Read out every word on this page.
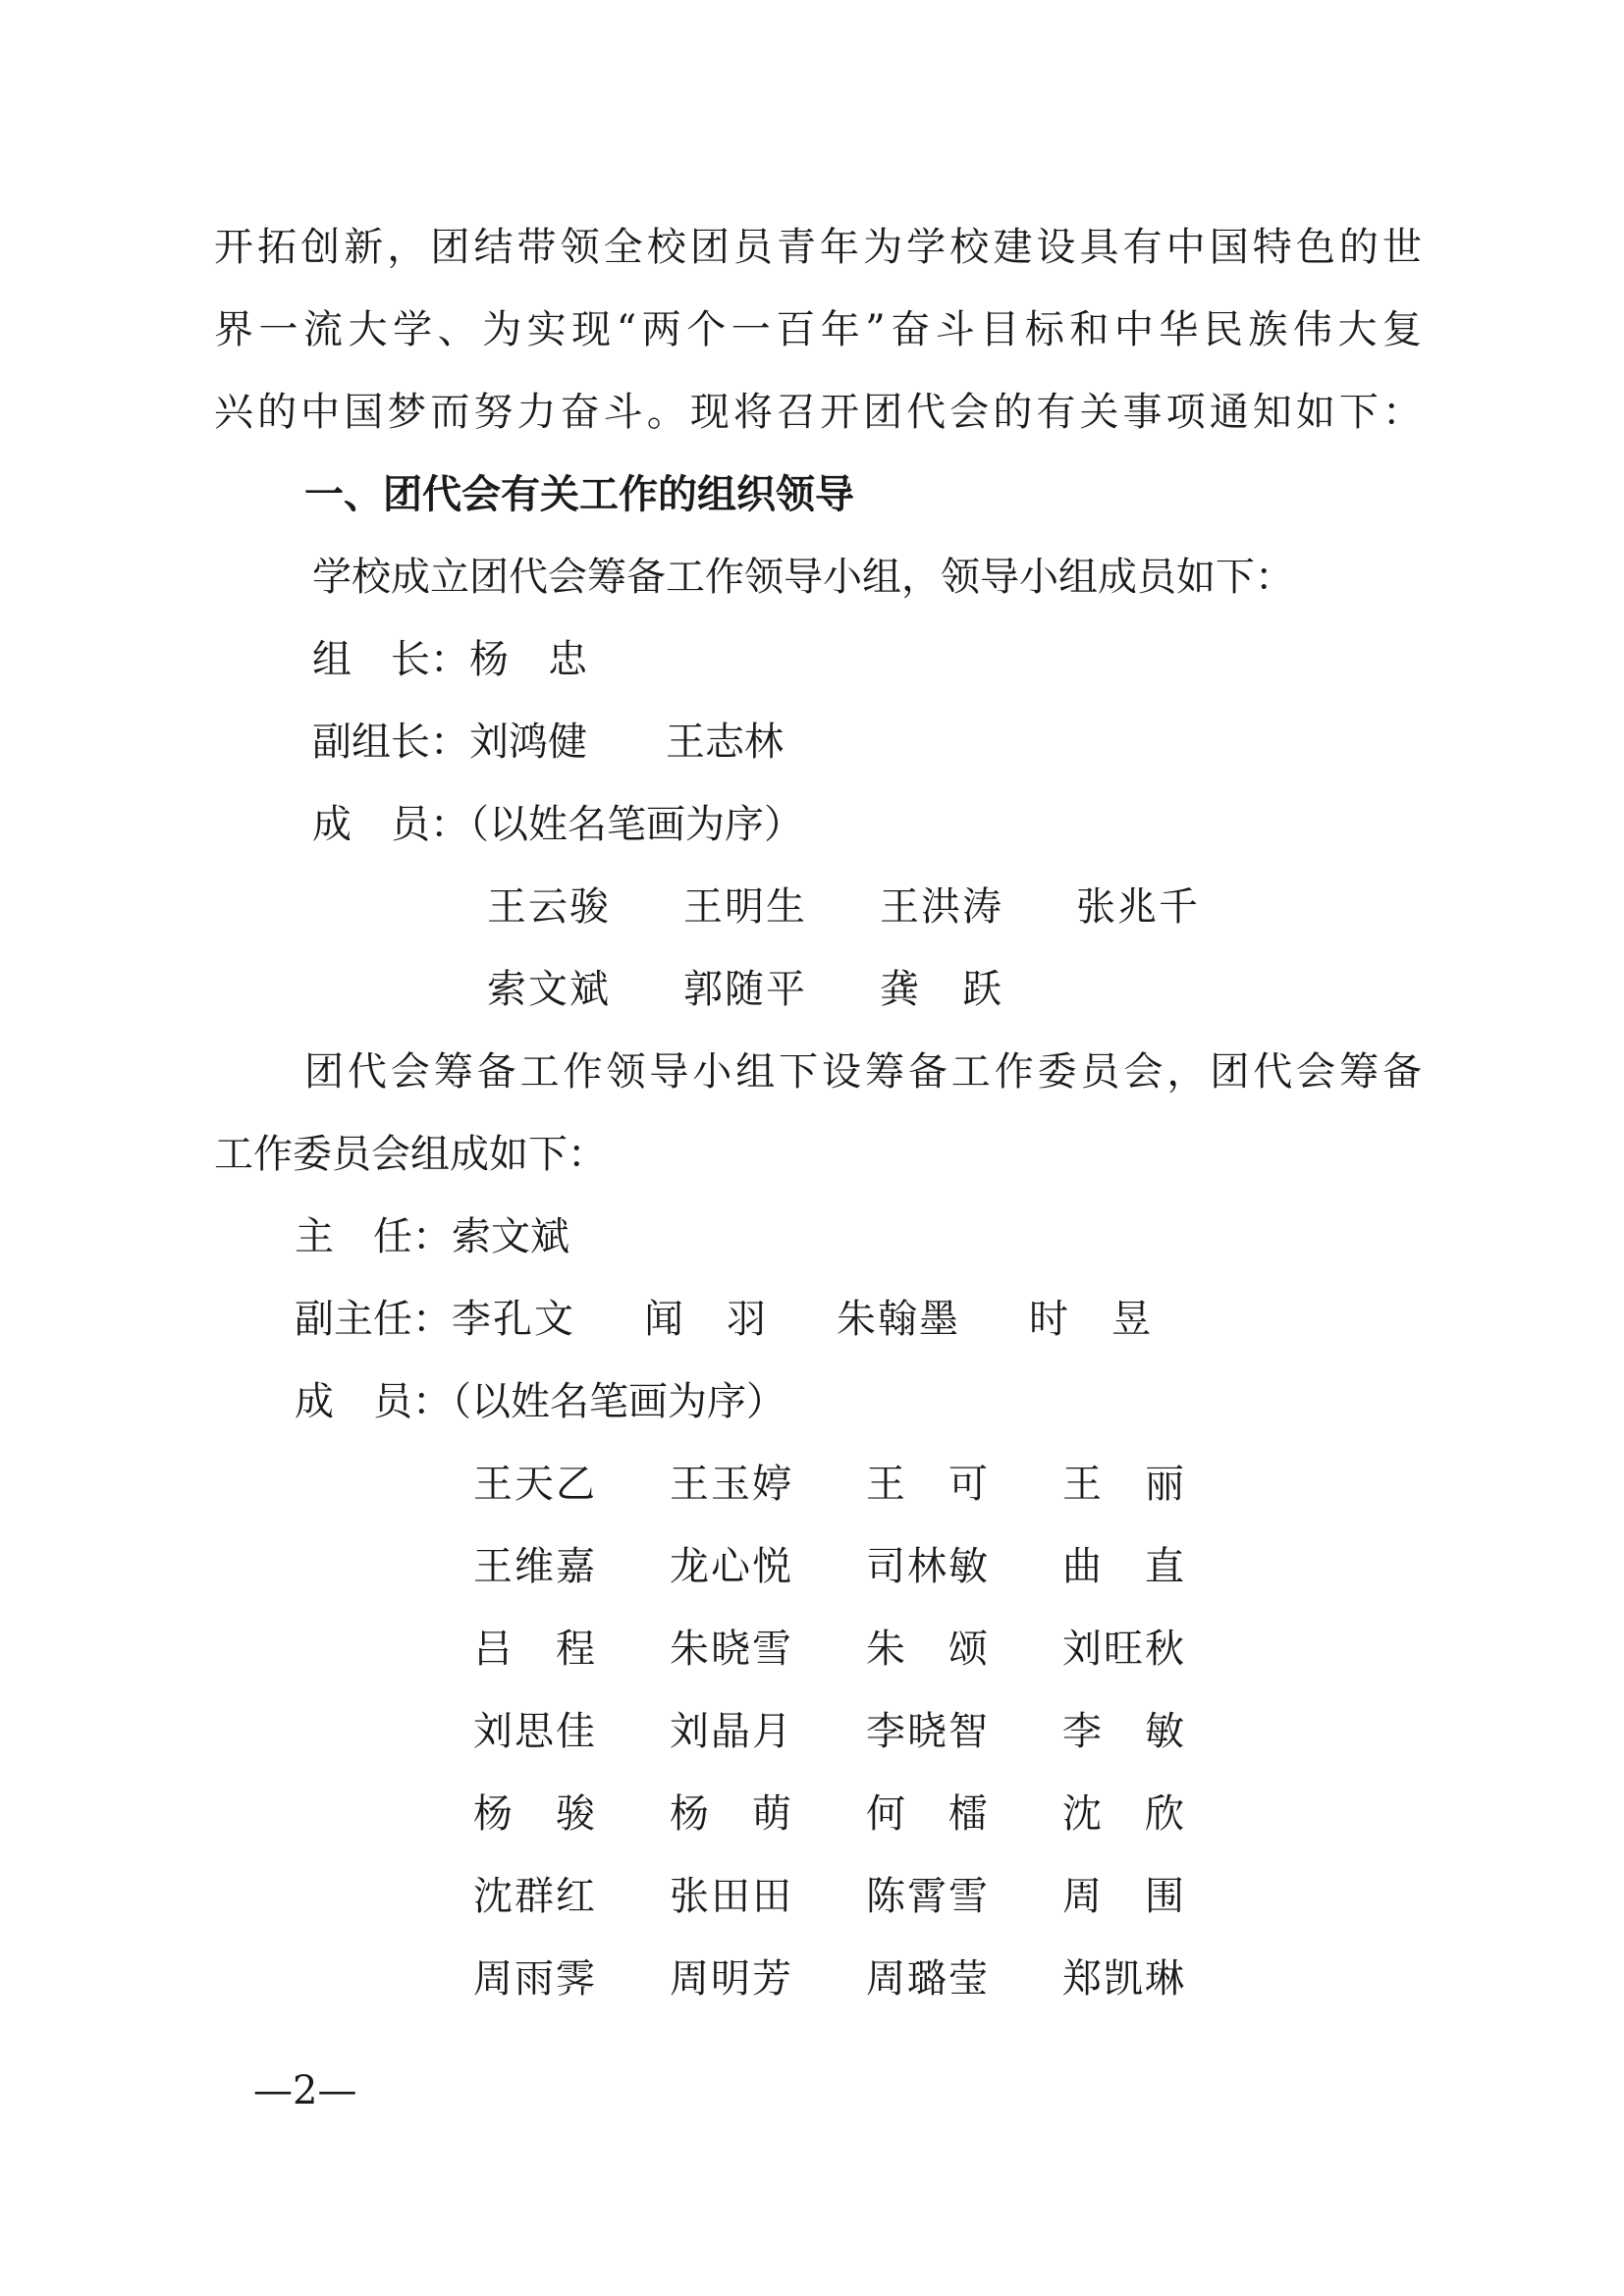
开拓创新，团结带领全校团员青年为学校建设具有中国特色的世
界一流大学、为实现“两个一百年”奋斗目标和中华民族伟大复
兴的中国梦而努力奋斗。现将召开团代会的有关事项通知如下：
一、团代会有关工作的组织领导
学校成立团代会筹备工作领导小组，领导小组成员如下：
组　长：杨　忠
副组长：刘鸿健 王志林
成　员：（以姓名笔画为序）
王云骏 王明生 王洪涛 张兆千
索文斌 郭随平 龚　跃
团代会筹备工作领导小组下设筹备工作委员会，团代会筹备
工作委员会组成如下：
主　任：索文斌
副主任：李孔文 闻　羽 朱翰墨 时　昱
成　员：（以姓名笔画为序）
王天乙 王玉婷 王　可 王　丽
王维嘉 龙心悦 司林敏 曲　直
吕　程 朱晓雪 朱　颂 刘旺秋
刘思佳 刘晶月 李晓智 李　敏
杨　骏 杨　萌 何　檑 沈　欣
沈群红 张田田 陈霄雪 周　围
周雨霁 周明芳 周璐莹 郑凯琳
—2—
